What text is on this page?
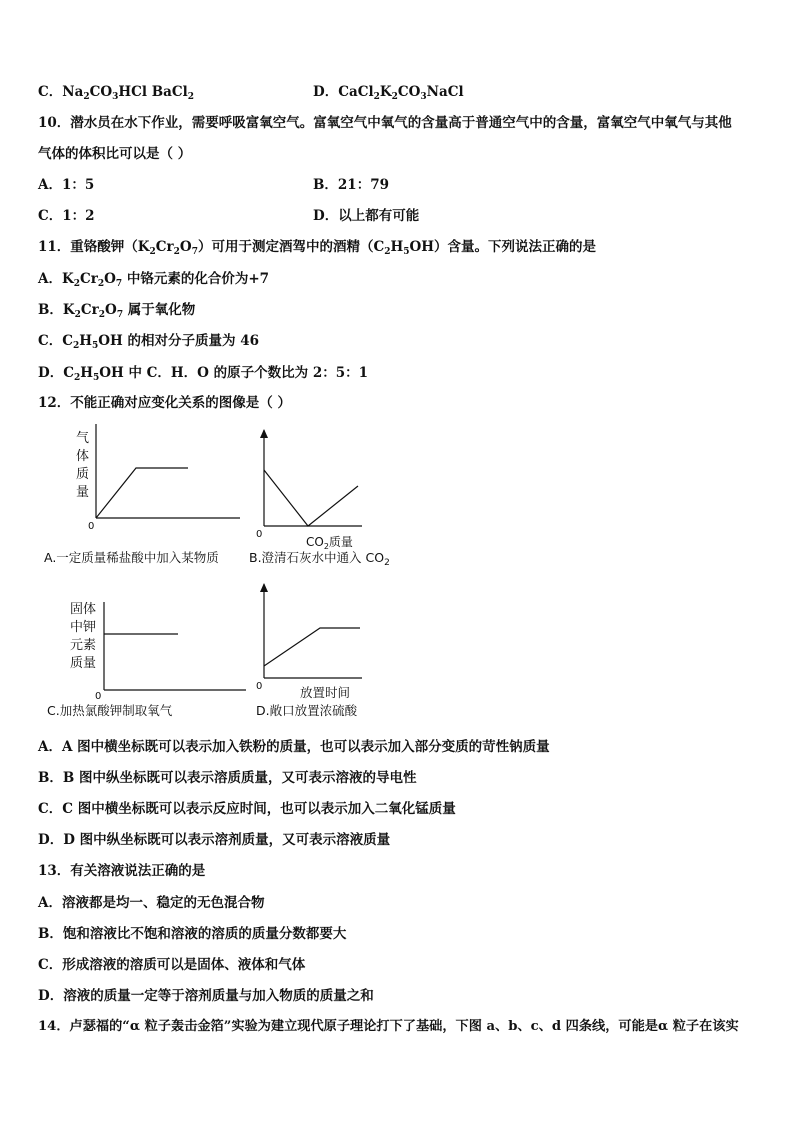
C．$Na_2CO_3HCl$ BaCl$_2$	D．$CaCl_2K_2CO_3NaCl$
10．潜水员在水下作业，需要呼吸富氧空气。富氧空气中氧气的含量高于普通空气中的含量，富氧空气中氧气与其他
气体的体积比可以是（ ）
A．1：5	B．21：79
C．1：2	D．以上都有可能
11．重铬酸钾$(K_2Cr_2O_7)$可用于测定酒驾中的酒精$(C_2H_5OH)$含量。下列说法正确的是
A．$K_2Cr_2O_7$ 中铬元素的化合价为+7
B．$K_2Cr_2O_7$ 属于氧化物
C．$C_2H_5OH$ 的相对分子质量为 46
D．$C_2H_5OH$ 中 C．H．O 的原子个数比为 2：5：1
12．不能正确对应变化关系的图像是（ ）
气
体
质
量
0
A.一定质量稀盐酸中加入某物质
0
$CO_2$质量
B.澄清石灰水中通入 $CO_2$
固体
中钾
元素
质量
0
C.加热氯酸钾制取氧气
0	放置时间
D.敞口放置浓硫酸
A．A 图中横坐标既可以表示加入铁粉的质量，也可以表示加入部分变质的苛性钠质量
B．B 图中纵坐标既可以表示溶质质量，又可表示溶液的导电性
C．C 图中横坐标既可以表示反应时间，也可以表示加入二氧化锰质量
D．D 图中纵坐标既可以表示溶剂质量，又可表示溶液质量
13．有关溶液说法正确的是
A．溶液都是均一、稳定的无色混合物
B．饱和溶液比不饱和溶液的溶质的质量分数都要大
C．形成溶液的溶质可以是固体、液体和气体
D．溶液的质量一定等于溶剂质量与加入物质的质量之和
14．卢瑟福的“α 粒子轰击金箔”实验为建立现代原子理论打下了基础，下图 a、b、c、d 四条线，可能是α 粒子在该实
